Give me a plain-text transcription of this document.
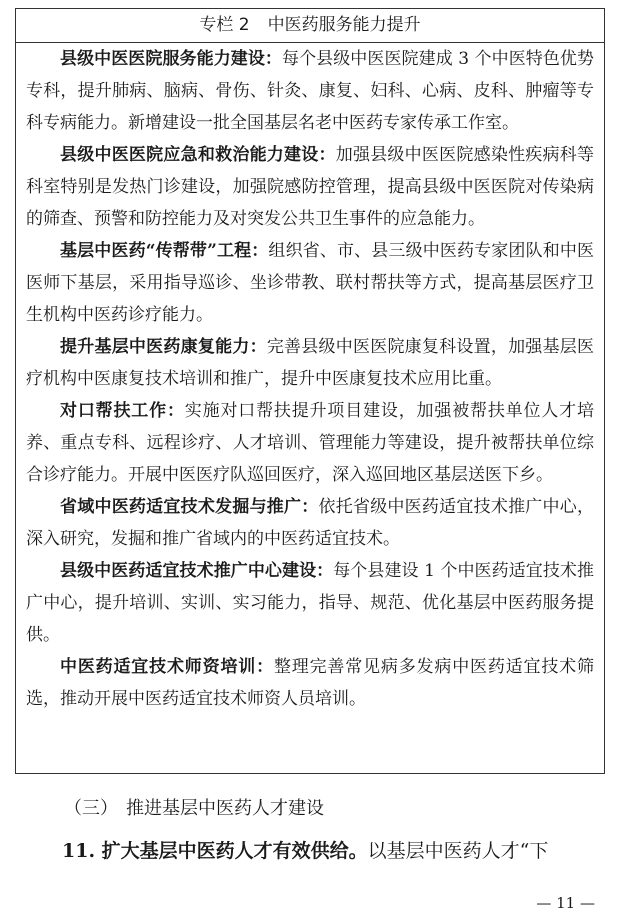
专栏 2 中医药服务能力提升

县级中医医院服务能力建设：每个县级中医医院建成 3 个中医特色优势专科，提升肺病、脑病、骨伤、针灸、康复、妇科、心病、皮科、肿瘤等专科专病能力。新增建设一批全国基层名老中医药专家传承工作室。

县级中医医院应急和救治能力建设：加强县级中医医院感染性疾病科等科室特别是发热门诊建设，加强院感防控管理，提高县级中医医院对传染病的筛查、预警和防控能力及对突发公共卫生事件的应急能力。

基层中医药“传帮带”工程：组织省、市、县三级中医药专家团队和中医医师下基层，采用指导巡诊、坐诊带教、联村帮扶等方式，提高基层医疗卫生机构中医药诊疗能力。

提升基层中医药康复能力：完善县级中医医院康复科设置，加强基层医疗机构中医康复技术培训和推广，提升中医康复技术应用比重。

对口帮扶工作：实施对口帮扶提升项目建设，加强被帮扶单位人才培养、重点专科、远程诊疗、人才培训、管理能力等建设，提升被帮扶单位综合诊疗能力。开展中医医疗队巡回医疗，深入巡回地区基层送医下乡。

省域中医药适宜技术发掘与推广：依托省级中医药适宜技术推广中心，深入研究，发掘和推广省域内的中医药适宜技术。

县级中医药适宜技术推广中心建设：每个县建设 1 个中医药适宜技术推广中心，提升培训、实训、实习能力，指导、规范、优化基层中医药服务提供。

中医药适宜技术师资培训：整理完善常见病多发病中医药适宜技术筛选，推动开展中医药适宜技术师资人员培训。

（三） 推进基层中医药人才建设

11. 扩大基层中医药人才有效供给。以基层中医药人才“下

— 11 —
